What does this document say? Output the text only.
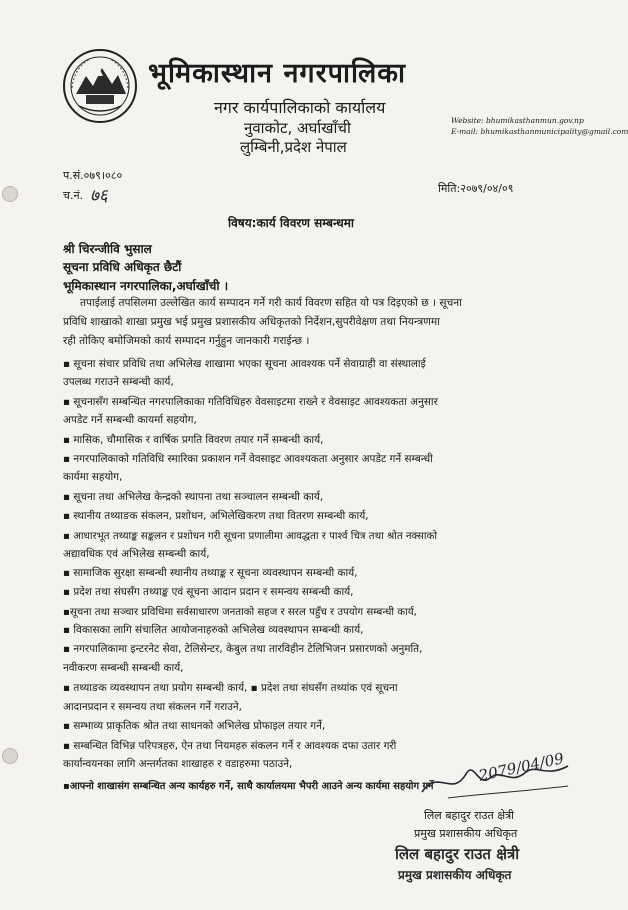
भूमिकास्थान नगरपालिका
नगर कार्यपालिकाको कार्यालय
नुवाकोट, अर्घाखाँची
लुम्बिनी,प्रदेश नेपाल
Website: bhumikasthanmun.gov.np
E-mail: bhumikasthanmunicipality@gmail.com
प.सं.०७९।०८०
च.नं. ७६	मिति:२०७९/०४/०९
विषय:कार्य विवरण सम्बन्धमा
श्री चिरन्जीवि भुसाल
सूचना प्रविधि अधिकृत छैटौं
भूमिकास्थान नगरपालिका,अर्घाखाँची ।
तपाईलाई तपसिलमा उल्लेखित कार्य सम्पादन गर्ने गरी कार्य विवरण सहित यो पत्र दिइएको छ । सूचना
प्रविधि शाखाको शाखा प्रमुख भई प्रमुख प्रशासकीय अधिकृतको निर्देशन,सुपरीवेक्षण तथा नियन्त्रणमा
रही तोकिए बमोजिमको कार्य सम्पादन गर्नुहुन जानकारी गराईन्छ ।
▪ सूचना संचार प्रविधि तथा अभिलेख शाखामा भएका सूचना आवश्यक पर्ने सेवाग्राही वा संस्थालाई
उपलब्ध गराउने सम्बन्धी कार्य,
▪ सूचनासँग सम्बन्धित नगरपालिकाका गतिविधिहरु वेवसाइटमा राख्ने र वेवसाइट आवश्यकता अनुसार
अपडेट गर्ने सम्बन्धी कायर्मा सहयोग,
▪ मासिक, चौमासिक र वार्षिक प्रगति विवरण तयार गर्ने सम्बन्धी कार्य,
▪ नगरपालिकाको गतिविधि स्मारिका प्रकाशन गर्ने वेवसाइट आवश्यकता अनुसार अपडेट गर्ने सम्बन्धी
कार्यमा सहयोग,
▪ सूचना तथा अभिलेख केन्द्रको स्थापना तथा सञ्चालन सम्बन्धी कार्य,
▪ स्थानीय तथ्याङक संकलन, प्रशोधन, अभिलेखिकरण तथा वितरण सम्बन्धी कार्य,
▪ आधारभूत तथ्याङ्क सङ्कलन र प्रशोधन गरी सूचना प्रणालीमा आवद्धता र पार्श्व चित्र तथा श्रोत नक्साको
अद्यावधिक एवं अभिलेख सम्बन्धी कार्य,
▪ सामाजिक सुरक्षा सम्बन्धी स्थानीय तथ्याङ्क र सूचना व्यवस्थापन सम्बन्धी कार्य,
▪ प्रदेश तथा संघसँग तथ्याङ्क एवं सूचना आदान प्रदान र समन्वय सम्बन्धी कार्य,
▪सूचना तथा सञ्चार प्रविधिमा सर्वसाधारण जनताको सहज र सरल पहुँच र उपयोग सम्बन्धी कार्य,
▪ विकासका लागि संचालित आयोजनाहरुको अभिलेख व्यवस्थापन सम्बन्धी कार्य,
▪ नगरपालिकामा इन्टरनेट सेवा, टेलिसेन्टर, केबुल तथा तारविहीन टेलिभिजन प्रसारणको अनुमति,
नवीकरण सम्बन्धी सम्बन्धी कार्य,
▪ तथ्याङक व्यवस्थापन तथा प्रयोग सम्बन्धी कार्य, ▪ प्रदेश तथा संघसँग तथ्यांक एवं सूचना
आदानप्रदान र समन्वय तथा संकलन गर्ने गराउने,
▪ सम्भाव्य प्राकृतिक श्रोत तथा साधनको अभिलेख प्रोफाइल तयार गर्ने,
▪ सम्बन्धित विभिन्न परिपत्रहरु, ऐन तथा नियमहरु संकलन गर्ने र आवश्यक दफा उतार गरी
कार्यान्वयनका लागि अन्तर्गतका शाखाहरु र वडाहरुमा पठाउने,
▪आफ्नो शाखासंग सम्बन्धित अन्य कार्यहरु गर्ने, साथै कार्यालयमा भैपरी आउने अन्य कार्यमा सहयोग गर्ने
2079/04/09
लिल बहादुर राउत क्षेत्री
प्रमुख प्रशासकीय अधिकृत
लिल बहादुर राउत क्षेत्री
प्रमुख प्रशासकीय अधिकृत
